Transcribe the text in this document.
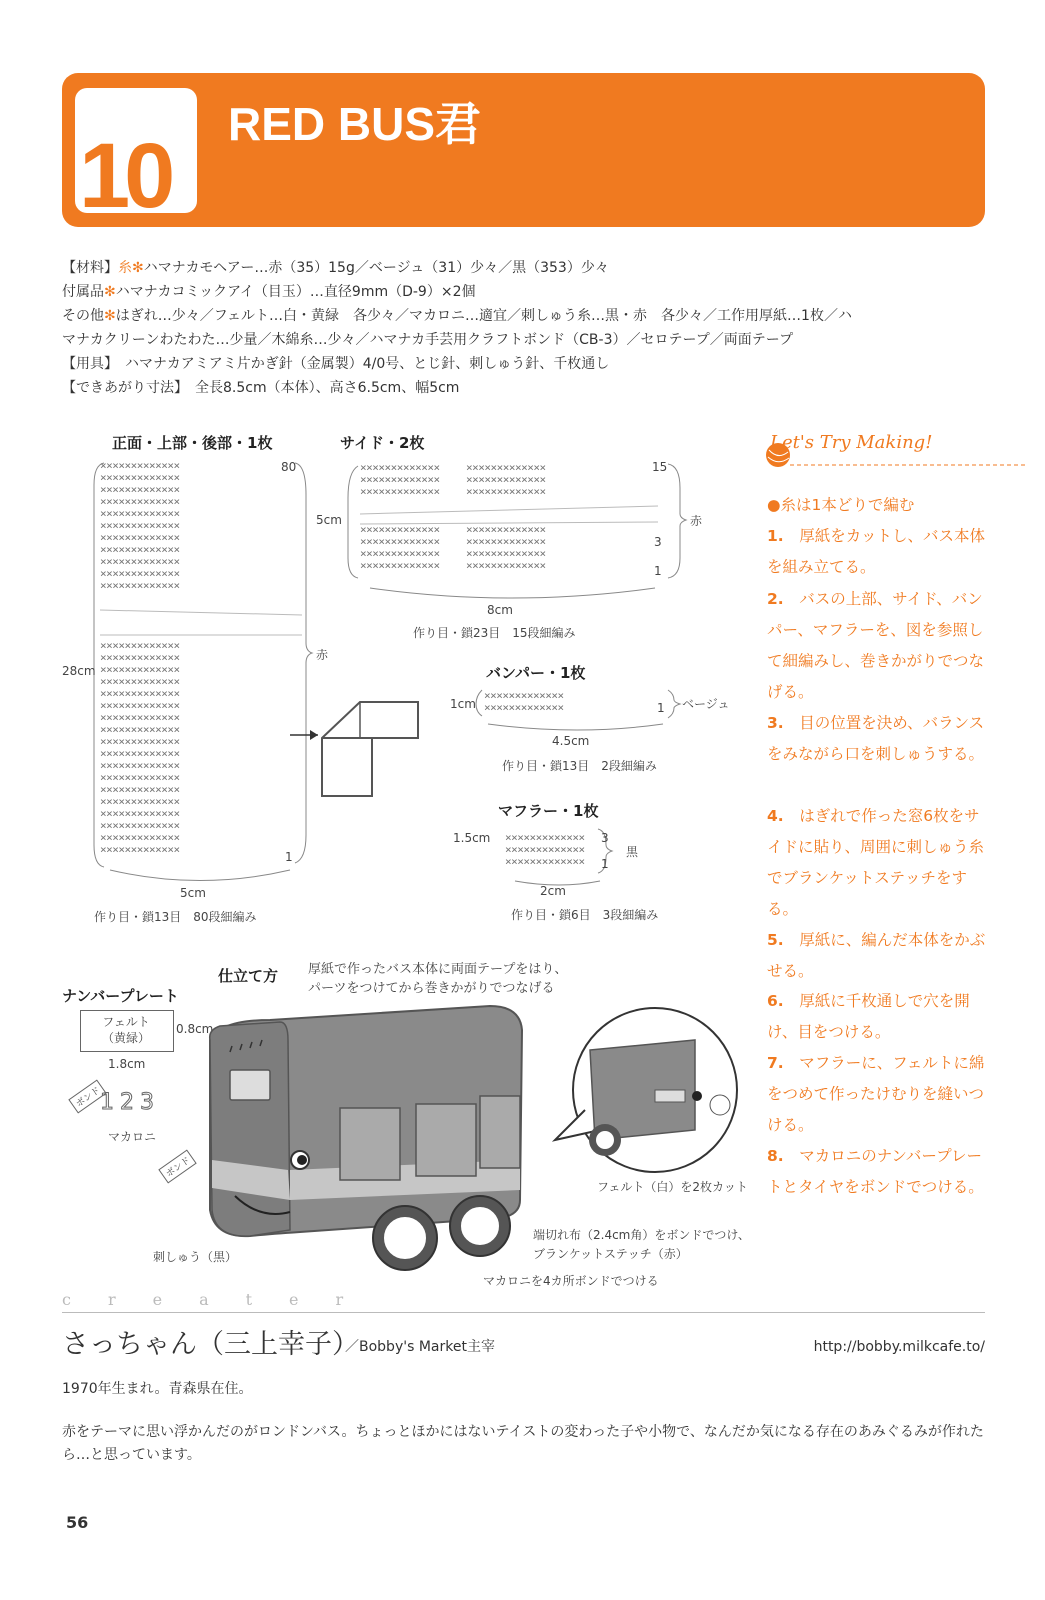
10
RED BUS君
【材料】糸✻ハマナカモヘアー…赤（35）15g／ベージュ（31）少々／黒（353）少々
付属品✻ハマナカコミックアイ（目玉）…直径9mm（D-9）×2個
その他✻はぎれ…少々／フェルト…白・黄緑　各少々／マカロニ…適宜／刺しゅう糸…黒・赤　各少々／工作用厚紙…1枚／ハ
マナカクリーンわたわた…少量／木綿糸…少々／ハマナカ手芸用クラフトボンド（CB-3）／セロテープ／両面テープ
【用具】　ハマナカアミアミ片かぎ針（金属製）4/0号、とじ針、刺しゅう針、千枚通し
【できあがり寸法】　全長8.5cm（本体）、高さ6.5cm、幅5cm
正面・上部・後部・1枚
×××××××××××××
×××××××××××××
×××××××××××××
×××××××××××××
×××××××××××××
×××××××××××××
×××××××××××××
×××××××××××××
×××××××××××××
×××××××××××××
×××××××××××××
×××××××××××××
×××××××××××××
×××××××××××××
×××××××××××××
×××××××××××××
×××××××××××××
×××××××××××××
×××××××××××××
×××××××××××××
×××××××××××××
×××××××××××××
×××××××××××××
×××××××××××××
×××××××××××××
×××××××××××××
×××××××××××××
×××××××××××××
×××××××××××××
80
1
28cm
赤
5cm
作り目・鎖13目　80段細編み
サイド・2枚
×××××××××××××
×××××××××××××
×××××××××××××
×××××××××××××
×××××××××××××
×××××××××××××
×××××××××××××
×××××××××××××
×××××××××××××
×××××××××××××
×××××××××××××
×××××××××××××
×××××××××××××
×××××××××××××
15
3
1
5cm	赤
8cm
作り目・鎖23目　15段細編み
バンパー・1枚
×××××××××××××
×××××××××××××
1cm	1 ベージュ
4.5cm
作り目・鎖13目　2段細編み
マフラー・1枚
×××××××××××××
×××××××××××××
×××××××××××××
1.5cm	3
1
黒
2cm
作り目・鎖6目　3段細編み
仕立て方 厚紙で作ったバス本体に両面テープをはり、
パーツをつけてから巻きかがりでつなげる
ナンバープレート
フェルト
（黄緑）
0.8cm
1.8cm
123
マカロニ
刺しゅう（黒）
ボンド
ボンド
フェルト（白）を2枚カット
端切れ布（2.4cm角）をボンドでつけ、
ブランケットステッチ（赤）
マカロニを4カ所ボンドでつける
Let's Try Making!
●糸は1本どりで編む
1.　 厚紙をカットし、バス本体を組み立てる。
2.　 バスの上部、サイド、バンパー、マフラーを、図を参照して細編みし、巻きかがりでつなげる。
3.　 目の位置を決め、バランスをみながら口を刺しゅうする。
4.　 はぎれで作った窓6枚をサイドに貼り、周囲に刺しゅう糸でブランケットステッチをする。
5.　 厚紙に、編んだ本体をかぶせる。
6.　 厚紙に千枚通しで穴を開け、目をつける。
7.　 マフラーに、フェルトに綿をつめて作ったけむりを縫いつける。
8.　 マカロニのナンバープレートとタイヤをボンドでつける。
creater
さっちゃん（三上幸子）
／Bobby's Market主宰	http://bobby.milkcafe.to/
1970年生まれ。青森県在住。
赤をテーマに思い浮かんだのがロンドンバス。ちょっとほかにはないテイストの変わった子や小物で、なんだか気になる存在のあみぐるみが作れたら…と思っています。
56
